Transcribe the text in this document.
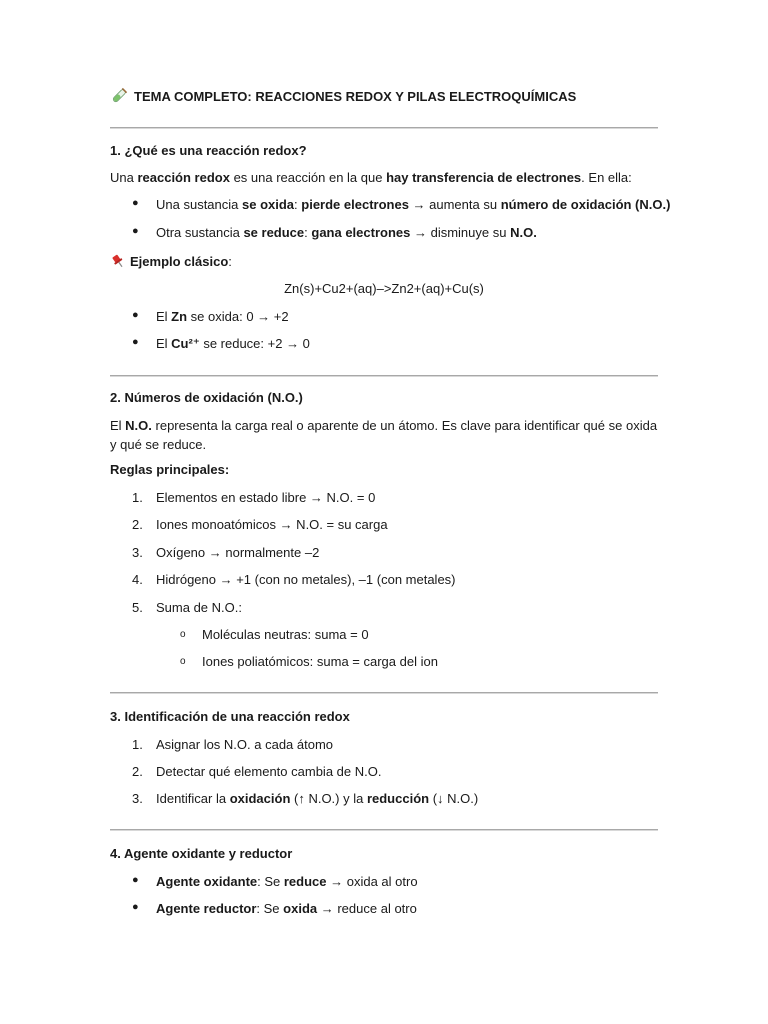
TEMA COMPLETO: REACCIONES REDOX Y PILAS ELECTROQUÍMICAS
1. ¿Qué es una reacción redox?
Una reacción redox es una reacción en la que hay transferencia de electrones. En ella:
● Una sustancia se oxida: pierde electrones → aumenta su número de oxidación (N.O.)
● Otra sustancia se reduce: gana electrones → disminuye su N.O.
Ejemplo clásico:
Zn(s)+Cu2+(aq)–>Zn2+(aq)+Cu(s)
● El Zn se oxida: 0 → +2
● El Cu²⁺ se reduce: +2 → 0
2. Números de oxidación (N.O.)
El N.O. representa la carga real o aparente de un átomo. Es clave para identificar qué se oxida y qué se reduce.
Reglas principales:
1. Elementos en estado libre → N.O. = 0
2. Iones monoatómicos → N.O. = su carga
3. Oxígeno → normalmente –2
4. Hidrógeno → +1 (con no metales), –1 (con metales)
5. Suma de N.O.:
o Moléculas neutras: suma = 0
o Iones poliatómicos: suma = carga del ion
3. Identificación de una reacción redox
1. Asignar los N.O. a cada átomo
2. Detectar qué elemento cambia de N.O.
3. Identificar la oxidación (↑ N.O.) y la reducción (↓ N.O.)
4. Agente oxidante y reductor
● Agente oxidante: Se reduce → oxida al otro
● Agente reductor: Se oxida → reduce al otro
